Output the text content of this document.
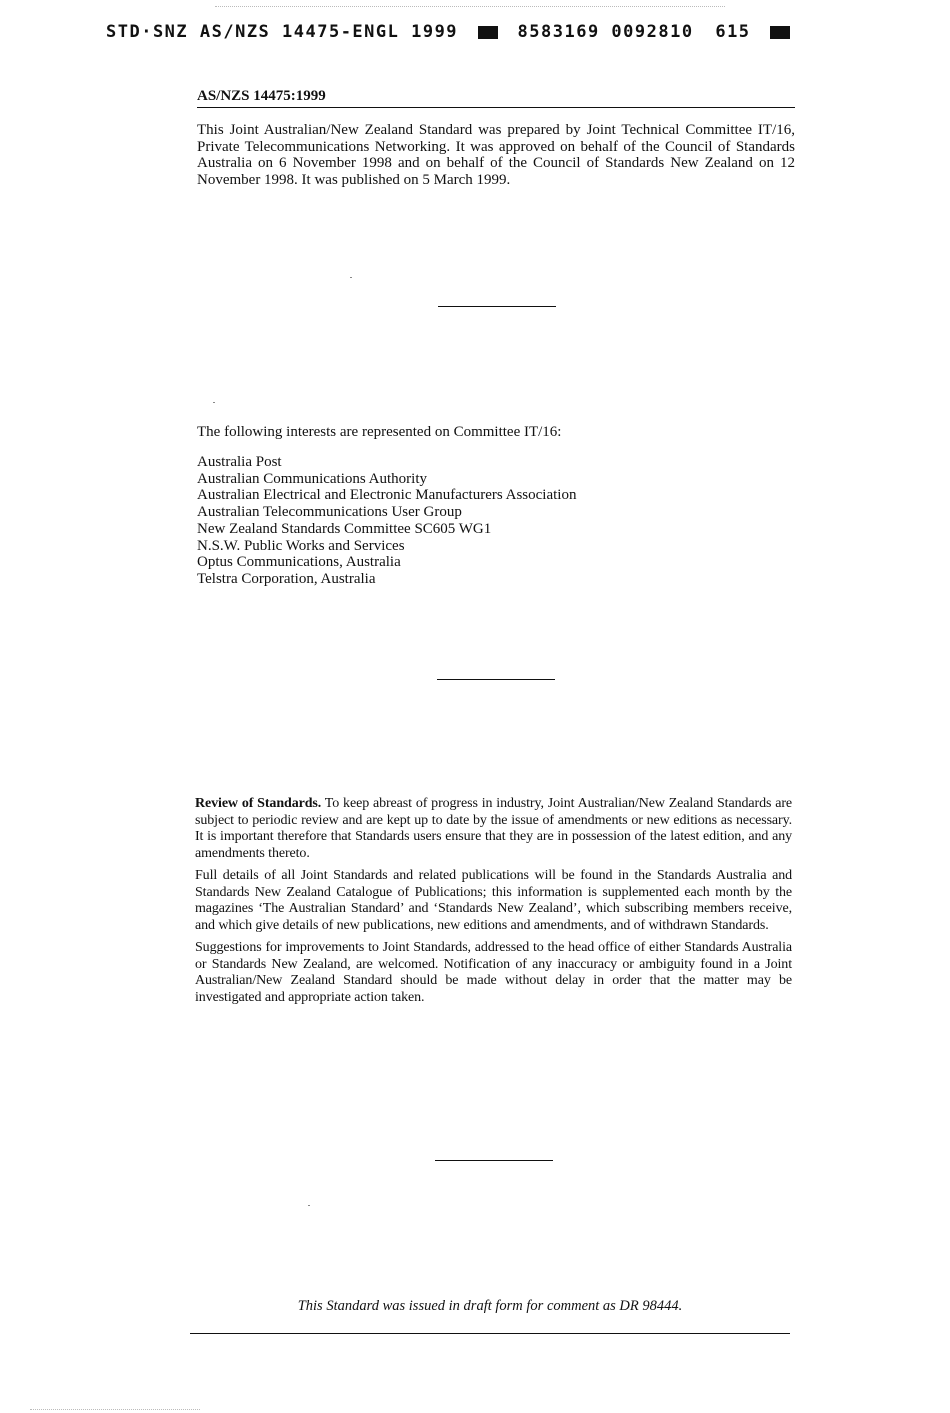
STD·SNZ AS/NZS 14475-ENGL 1999	8583169 0092810 615
AS/NZS 14475:1999

This Joint Australian/New Zealand Standard was prepared by Joint Technical Committee IT/16, Private Telecommunications Networking. It was approved on behalf of the Council of Standards Australia on 6 November 1998 and on behalf of the Council of Standards New Zealand on 12 November 1998. It was published on 5 March 1999.

The following interests are represented on Committee IT/16:
Australia Post
Australian Communications Authority
Australian Electrical and Electronic Manufacturers Association
Australian Telecommunications User Group
New Zealand Standards Committee SC605 WG1
N.S.W. Public Works and Services
Optus Communications, Australia
Telstra Corporation, Australia

Review of Standards. To keep abreast of progress in industry, Joint Australian/New Zealand Standards are subject to periodic review and are kept up to date by the issue of amendments or new editions as necessary. It is important therefore that Standards users ensure that they are in possession of the latest edition, and any amendments thereto.

Full details of all Joint Standards and related publications will be found in the Standards Australia and Standards New Zealand Catalogue of Publications; this information is supplemented each month by the magazines ‘The Australian Standard’ and ‘Standards New Zealand’, which subscribing members receive, and which give details of new publications, new editions and amendments, and of withdrawn Standards.

Suggestions for improvements to Joint Standards, addressed to the head office of either Standards Australia or Standards New Zealand, are welcomed. Notification of any inaccuracy or ambiguity found in a Joint Australian/New Zealand Standard should be made without delay in order that the matter may be investigated and appropriate action taken.

This Standard was issued in draft form for comment as DR 98444.
